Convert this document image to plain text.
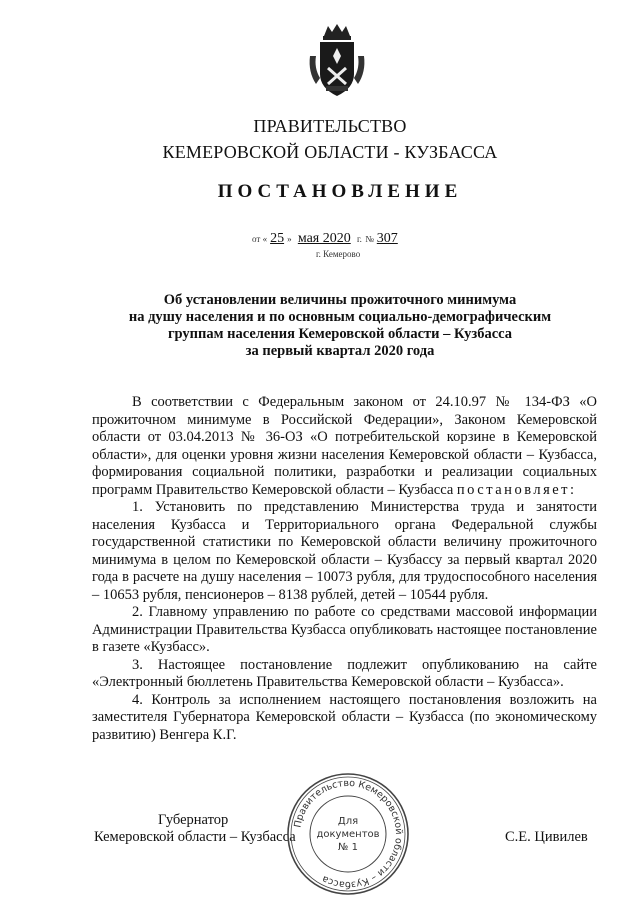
ПРАВИТЕЛЬСТВО
КЕМЕРОВСКОЙ ОБЛАСТИ - КУЗБАССА
ПОСТАНОВЛЕНИЕ
от « 25 » мая 2020 г. № 307
г. Кемерово
Об установлении величины прожиточного минимума
на душу населения и по основным социально-демографическим
группам населения Кемеровской области – Кузбасса
за первый квартал 2020 года

В соответствии с Федеральным законом от 24.10.97 № 134-ФЗ «О прожиточном минимуме в Российской Федерации», Законом Кемеровской области от 03.04.2013 № 36-ОЗ «О потребительской корзине в Кемеровской области», для оценки уровня жизни населения Кемеровской области – Кузбасса, формирования социальной политики, разработки и реализации социальных программ Правительство Кемеровской области – Кузбасса постановляет:

1. Установить по представлению Министерства труда и занятости населения Кузбасса и Территориального органа Федеральной службы государственной статистики по Кемеровской области величину прожиточного минимума в целом по Кемеровской области – Кузбассу за первый квартал 2020 года в расчете на душу населения – 10073 рубля, для трудоспособного населения – 10653 рубля, пенсионеров – 8138 рублей, детей – 10544 рубля.

2. Главному управлению по работе со средствами массовой информации Администрации Правительства Кузбасса опубликовать настоящее постановление в газете «Кузбасс».

3. Настоящее постановление подлежит опубликованию на сайте «Электронный бюллетень Правительства Кемеровской области – Кузбасса».

4. Контроль за исполнением настоящего постановления возложить на заместителя Губернатора Кемеровской области – Кузбасса (по экономическому развитию) Венгера К.Г.

Губернатор
Кемеровской области – Кузбасса	С.Е. Цивилев
Правительство Кемеровской области – Кузбасса
Для
документов
№ 1
